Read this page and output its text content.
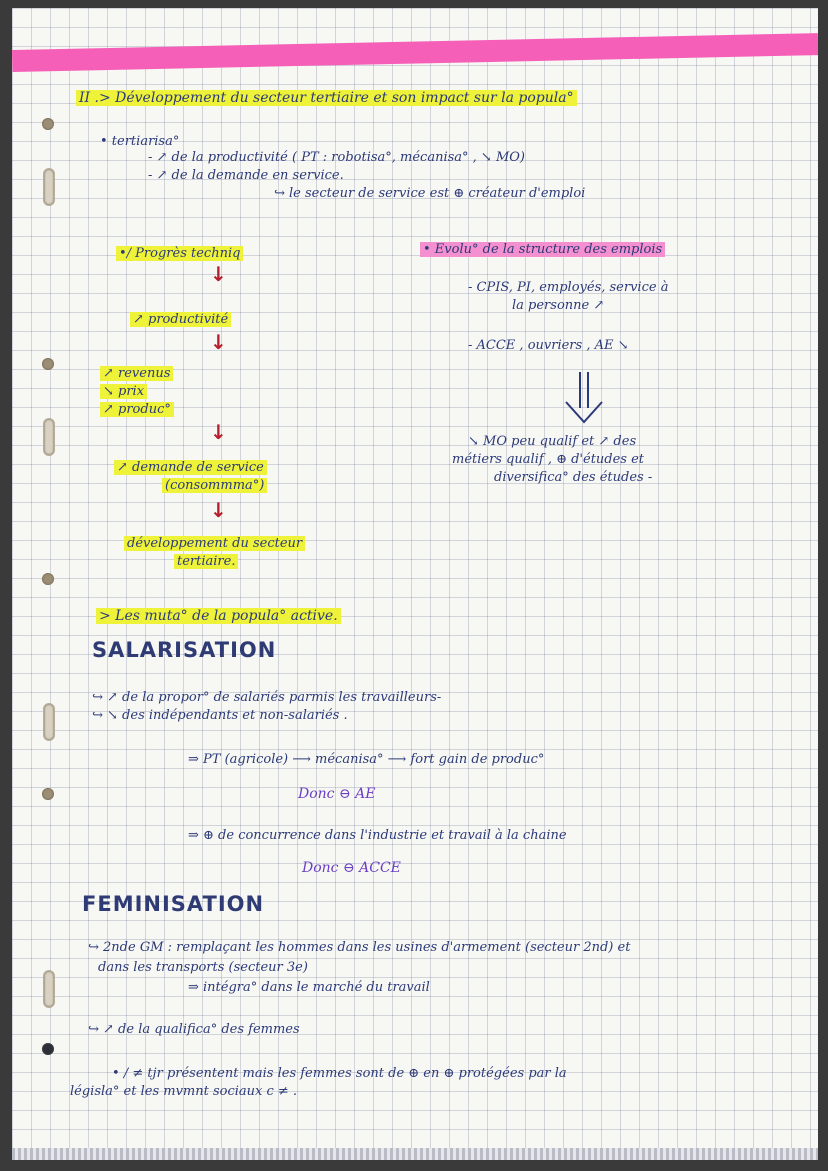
II .> Développement du secteur tertiaire et son impact sur la popula°
• tertiarisa°
- ↗ de la productivité ( PT : robotisa°, mécanisa° , ↘ MO)
- ↗ de la demande en service.
↪ le secteur de service est ⊕ créateur d'emploi
•/ Progrès techniq
↓
↗ productivité
↓
↗ revenus
↘ prix
↗ produc°
↓
↗ demande de service
(consommma°)
↓
développement du secteur
tertiaire.
• Evolu° de la structure des emplois
- CPIS, PI, employés, service à
la personne ↗
- ACCE , ouvriers , AE ↘
↘ MO peu qualif et ↗ des
métiers qualif , ⊕ d'études et
diversifica° des études -
> Les muta° de la popula° active.
SALARISATION
↪ ↗ de la propor° de salariés parmis les travailleurs-
↪ ↘ des indépendants et non-salariés .
⇒ PT (agricole) ⟶ mécanisa° ⟶ fort gain de produc°
Donc ⊖ AE
⇒ ⊕ de concurrence dans l'industrie et travail à la chaine
Donc ⊖ ACCE
FEMINISATION
↪ 2nde GM : remplaçant les hommes dans les usines d'armement (secteur 2nd) et
dans les transports (secteur 3e)
⇒ intégra° dans le marché du travail
↪ ↗ de la qualifica° des femmes
• / ≠ tjr présentent mais les femmes sont de ⊕ en ⊕ protégées par la
législa° et les mvmnt sociaux c ≠ .
